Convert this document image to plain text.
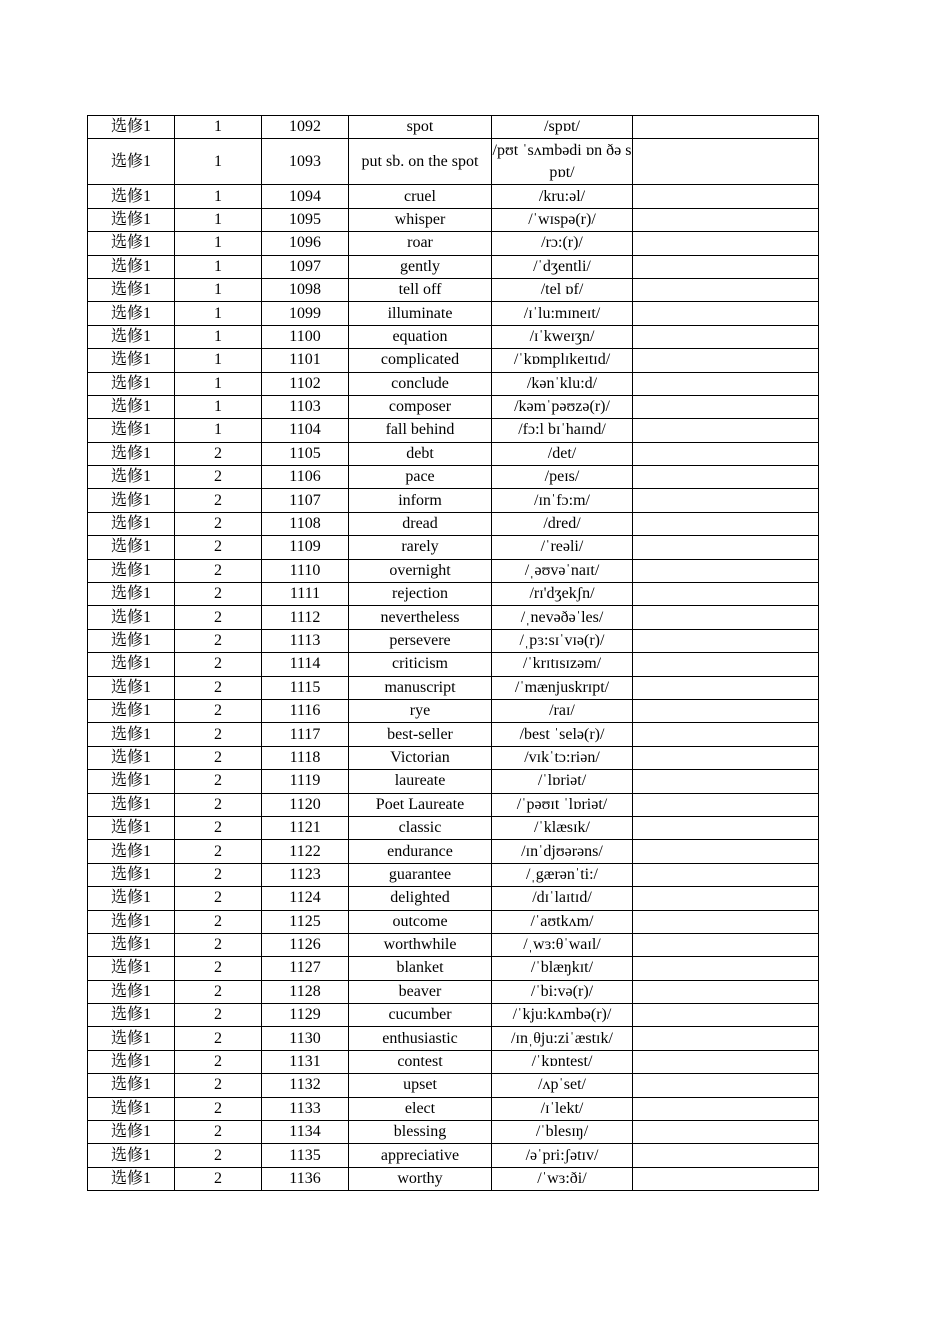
选修1	1	1092	spot	/spɒt/	
选修1	1	1093	put sb. on the spot	/pʊt ˈsʌmbədi ɒn ðə spɒt/	
选修1	1	1094	cruel	/kru:əl/	
选修1	1	1095	whisper	/ˈwɪspə(r)/	
选修1	1	1096	roar	/rɔ:(r)/	
选修1	1	1097	gently	/ˈdʒentli/	
选修1	1	1098	tell off	/tel ɒf/	
选修1	1	1099	illuminate	/ɪˈlu:mɪneɪt/	
选修1	1	1100	equation	/ɪˈkweɪʒn/	
选修1	1	1101	complicated	/ˈkɒmplɪkeɪtɪd/	
选修1	1	1102	conclude	/kənˈklu:d/	
选修1	1	1103	composer	/kəmˈpəʊzə(r)/	
选修1	1	1104	fall behind	/fɔ:l bɪˈhaɪnd/	
选修1	2	1105	debt	/det/	
选修1	2	1106	pace	/peɪs/	
选修1	2	1107	inform	/ɪnˈfɔ:m/	
选修1	2	1108	dread	/dred/	
选修1	2	1109	rarely	/ˈreəli/	
选修1	2	1110	overnight	/ˌəʊvəˈnaɪt/	
选修1	2	1111	rejection	/rɪ'dʒekʃn/	
选修1	2	1112	nevertheless	/ˌnevəðəˈles/	
选修1	2	1113	persevere	/ˌpɜ:sɪˈvɪə(r)/	
选修1	2	1114	criticism	/ˈkrɪtɪsɪzəm/	
选修1	2	1115	manuscript	/ˈmænjuskrɪpt/	
选修1	2	1116	rye	/raɪ/	
选修1	2	1117	best-seller	/best ˈselə(r)/	
选修1	2	1118	Victorian	/vɪkˈtɔ:riən/	
选修1	2	1119	laureate	/ˈlɒriət/	
选修1	2	1120	Poet Laureate	/ˈpəʊɪt ˈlɒriət/	
选修1	2	1121	classic	/ˈklæsɪk/	
选修1	2	1122	endurance	/ɪnˈdjʊərəns/	
选修1	2	1123	guarantee	/ˌgærənˈti:/	
选修1	2	1124	delighted	/dɪˈlaɪtɪd/	
选修1	2	1125	outcome	/ˈaʊtkʌm/	
选修1	2	1126	worthwhile	/ˌwɜ:θˈwaɪl/	
选修1	2	1127	blanket	/ˈblæŋkɪt/	
选修1	2	1128	beaver	/ˈbi:və(r)/	
选修1	2	1129	cucumber	/ˈkju:kʌmbə(r)/	
选修1	2	1130	enthusiastic	/ɪnˌθju:ziˈæstɪk/	
选修1	2	1131	contest	/ˈkɒntest/	
选修1	2	1132	upset	/ʌpˈset/	
选修1	2	1133	elect	/ɪˈlekt/	
选修1	2	1134	blessing	/ˈblesɪŋ/	
选修1	2	1135	appreciative	/əˈpri:ʃətɪv/	
选修1	2	1136	worthy	/ˈwɜ:ði/	
